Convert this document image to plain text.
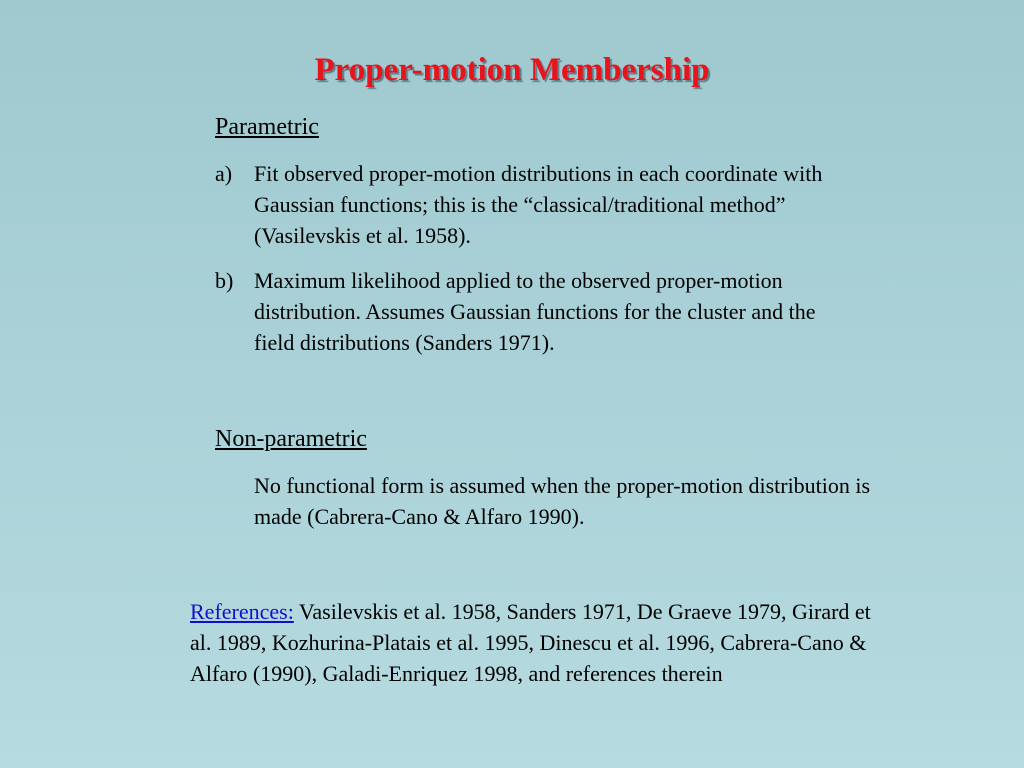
Proper-motion Membership
Parametric
a) Fit observed proper-motion distributions in each coordinate with Gaussian functions; this is the “classical/traditional method” (Vasilevskis et al. 1958).
b) Maximum likelihood applied to the observed proper-motion distribution. Assumes Gaussian functions for the cluster and the field distributions (Sanders 1971).
Non-parametric
No functional form is assumed when the proper-motion distribution is made (Cabrera-Cano & Alfaro 1990).
References: Vasilevskis et al. 1958, Sanders 1971, De Graeve 1979, Girard et al. 1989, Kozhurina-Platais et al. 1995, Dinescu et al. 1996, Cabrera-Cano & Alfaro (1990), Galadi-Enriquez 1998, and references therein
